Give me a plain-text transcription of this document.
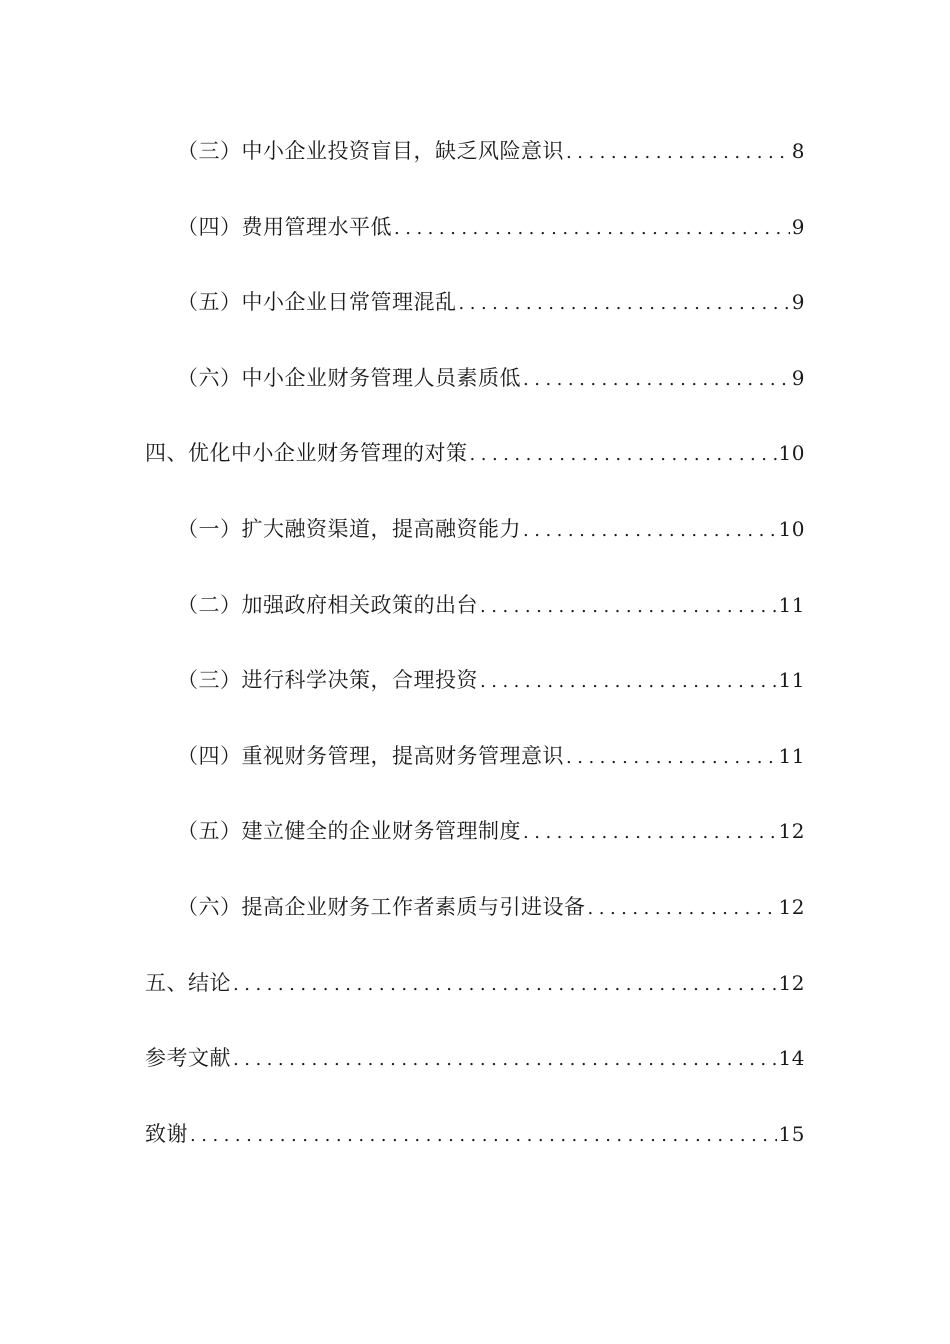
（三）中小企业投资盲目，缺乏风险意识 .....	8
（四）费用管理水平低 .....	9
（五）中小企业日常管理混乱 .....	9
（六）中小企业财务管理人员素质低 .....	9
四、优化中小企业财务管理的对策 .....	10
（一）扩大融资渠道，提高融资能力 .....	10
（二）加强政府相关政策的出台 .....	11
（三）进行科学决策，合理投资 .....	11
（四）重视财务管理，提高财务管理意识 .....	11
（五）建立健全的企业财务管理制度 .....	12
（六）提高企业财务工作者素质与引进设备 .....	12
五、结论 .....	12
参考文献 .....	14
致谢 .....	15
